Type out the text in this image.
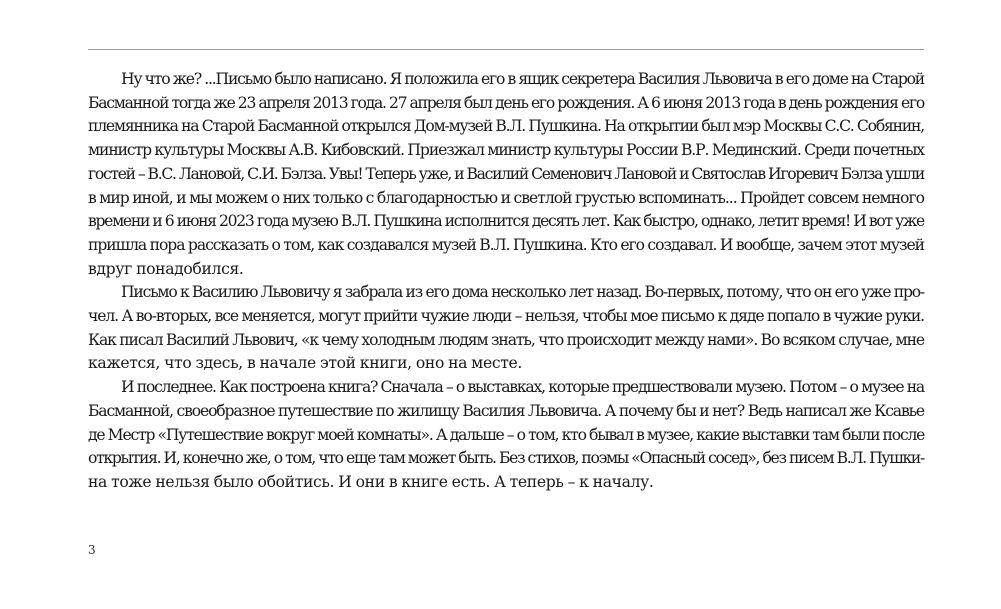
Ну что же? ...Письмо было написано. Я положила его в ящик секретера Василия Львовича в его доме на Старой
Басманной тогда же 23 апреля 2013 года. 27 апреля был день его рождения. А 6 июня 2013 года в день рождения его
племянника на Старой Басманной открылся Дом-музей В.Л. Пушкина. На открытии был мэр Москвы С.С. Собянин,
министр культуры Москвы А.В. Кибовский. Приезжал министр культуры России В.Р. Мединский. Среди почетных
гостей – В.С. Лановой, С.И. Бэлза. Увы! Теперь уже, и Василий Семенович Лановой и Святослав Игоревич Бэлза ушли
в мир иной, и мы можем о них только с благодарностью и светлой грустью вспоминать... Пройдет совсем немного
времени и 6 июня 2023 года музею В.Л. Пушкина исполнится десять лет. Как быстро, однако, летит время! И вот уже
пришла пора рассказать о том, как создавался музей В.Л. Пушкина. Кто его создавал. И вообще, зачем этот музей
вдруг понадобился.

Письмо к Василию Львовичу я забрала из его дома несколько лет назад. Во-первых, потому, что он его уже про-
чел. А во-вторых, все меняется, могут прийти чужие люди – нельзя, чтобы мое письмо к дяде попало в чужие руки.
Как писал Василий Львович, «к чему холодным людям знать, что происходит между нами». Во всяком случае, мне
кажется, что здесь, в начале этой книги, оно на месте.

И последнее. Как построена книга? Сначала – о выставках, которые предшествовали музею. Потом – о музее на
Басманной, своеобразное путешествие по жилищу Василия Львовича. А почему бы и нет? Ведь написал же Ксавье
де Местр «Путешествие вокруг моей комнаты». А дальше – о том, кто бывал в музее, какие выставки там были после
открытия. И, конечно же, о том, что еще там может быть. Без стихов, поэмы «Опасный сосед», без писем В.Л. Пушки-
на тоже нельзя было обойтись. И они в книге есть. А теперь – к началу.

3
